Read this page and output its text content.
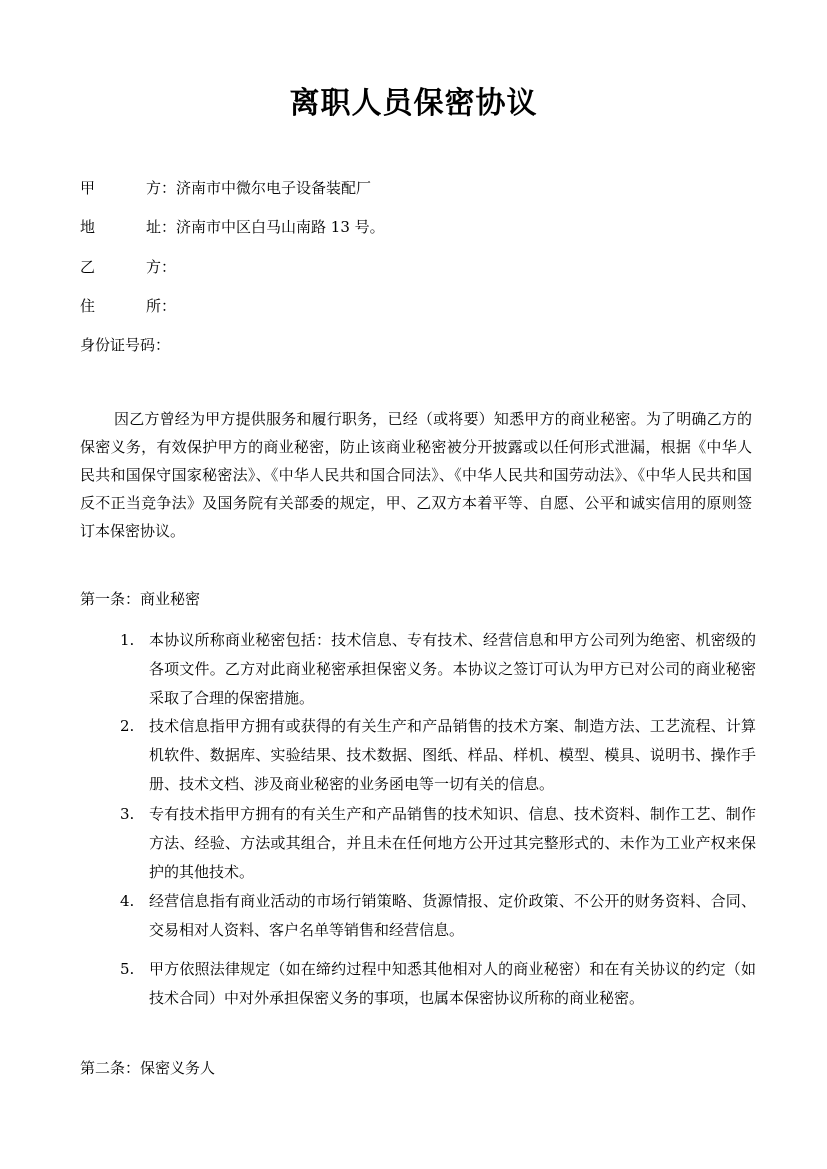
离职人员保密协议
甲	方：济南市中微尔电子设备装配厂
地	址：济南市中区白马山南路 13 号。
乙	方：
住	所：
身份证号码：
因乙方曾经为甲方提供服务和履行职务，已经（或将要）知悉甲方的商业秘密。为了明确乙方的保密义务，有效保护甲方的商业秘密，防止该商业秘密被分开披露或以任何形式泄漏，根据《中华人民共和国保守国家秘密法》、《中华人民共和国合同法》、《中华人民共和国劳动法》、《中华人民共和国反不正当竞争法》及国务院有关部委的规定，甲、乙双方本着平等、自愿、公平和诚实信用的原则签订本保密协议。
第一条：商业秘密
1. 本协议所称商业秘密包括：技术信息、专有技术、经营信息和甲方公司列为绝密、机密级的各项文件。乙方对此商业秘密承担保密义务。本协议之签订可认为甲方已对公司的商业秘密采取了合理的保密措施。
2. 技术信息指甲方拥有或获得的有关生产和产品销售的技术方案、制造方法、工艺流程、计算机软件、数据库、实验结果、技术数据、图纸、样品、样机、模型、模具、说明书、操作手册、技术文档、涉及商业秘密的业务函电等一切有关的信息。
3. 专有技术指甲方拥有的有关生产和产品销售的技术知识、信息、技术资料、制作工艺、制作方法、经验、方法或其组合，并且未在任何地方公开过其完整形式的、未作为工业产权来保护的其他技术。
4. 经营信息指有商业活动的市场行销策略、货源情报、定价政策、不公开的财务资料、合同、交易相对人资料、客户名单等销售和经营信息。
5. 甲方依照法律规定（如在缔约过程中知悉其他相对人的商业秘密）和在有关协议的约定（如技术合同）中对外承担保密义务的事项，也属本保密协议所称的商业秘密。
第二条：保密义务人
